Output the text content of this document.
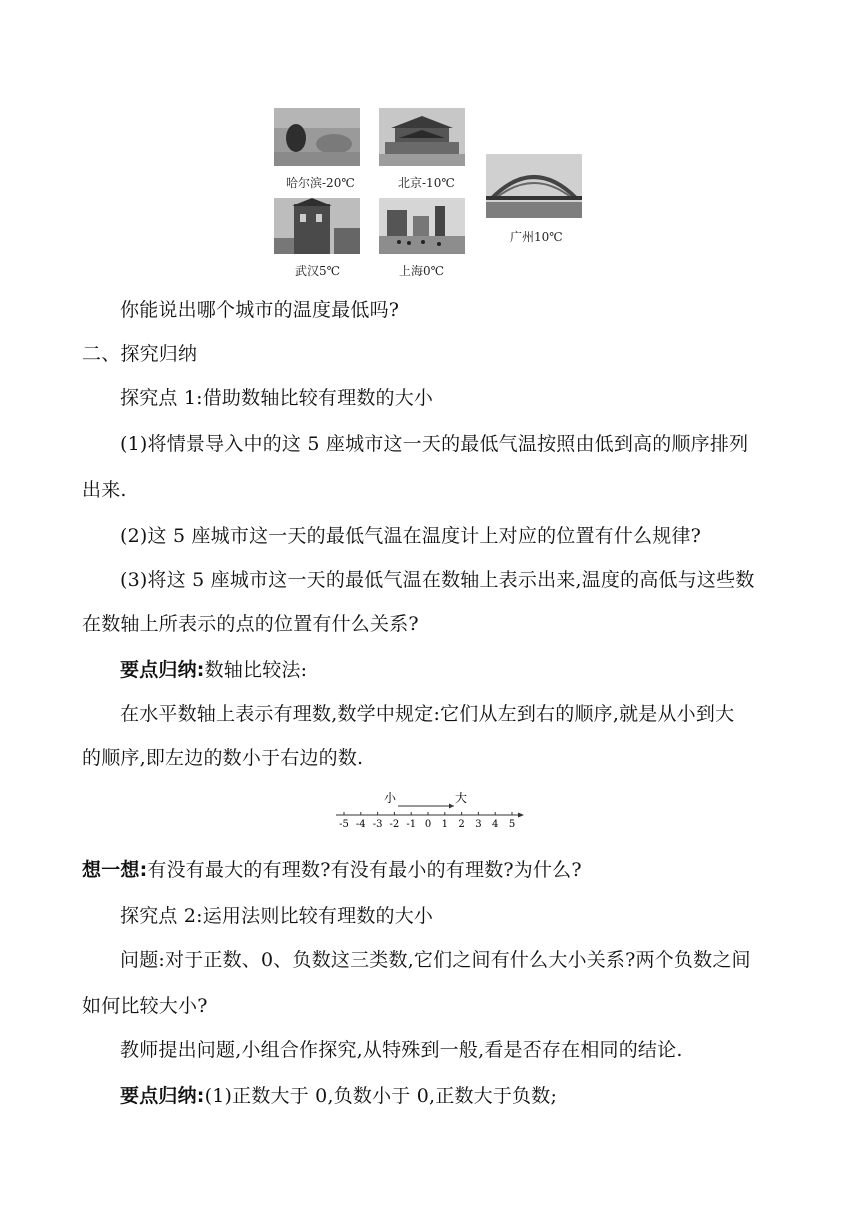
哈尔滨-20℃	北京-10℃
广州10℃
武汉5℃	上海0℃
你能说出哪个城市的温度最低吗?
二、探究归纳
探究点 1:借助数轴比较有理数的大小
(1)将情景导入中的这 5 座城市这一天的最低气温按照由低到高的顺序排列
出来.
(2)这 5 座城市这一天的最低气温在温度计上对应的位置有什么规律?
(3)将这 5 座城市这一天的最低气温在数轴上表示出来,温度的高低与这些数
在数轴上所表示的点的位置有什么关系?
要点归纳:数轴比较法:
在水平数轴上表示有理数,数学中规定:它们从左到右的顺序,就是从小到大
的顺序,即左边的数小于右边的数.
小	大
-5 -4 -3 -2 -1 0 1 2 3 4 5
想一想:有没有最大的有理数?有没有最小的有理数?为什么?
探究点 2:运用法则比较有理数的大小
问题:对于正数、0、负数这三类数,它们之间有什么大小关系?两个负数之间
如何比较大小?
教师提出问题,小组合作探究,从特殊到一般,看是否存在相同的结论.
要点归纳:(1)正数大于 0,负数小于 0,正数大于负数;
